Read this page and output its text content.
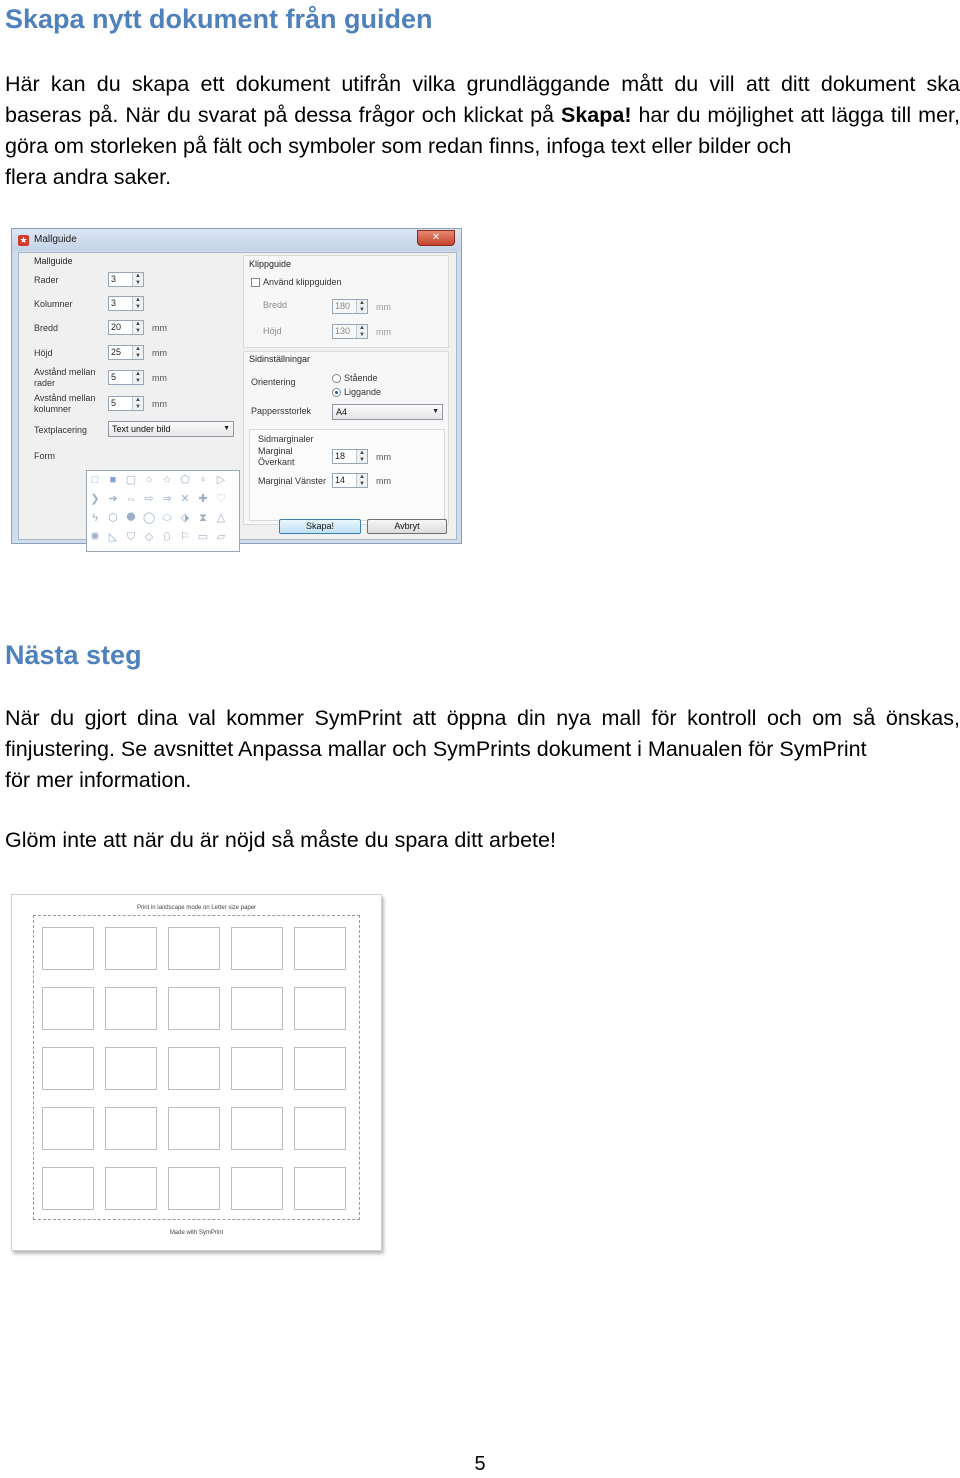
Skapa nytt dokument från guiden
Här kan du skapa ett dokument utifrån vilka grundläggande mått du vill att ditt dokument ska baseras på. När du svarat på dessa frågor och klickat på Skapa! har du möjlighet att lägga till mer, göra om storleken på fält och symboler som redan finns, infoga text eller bilder och
flera andra saker.
★ Mallguide	✕
Mallguide
Rader	3	▲
▼
Kolumner	3	▲
▼
Bredd	20	▲
▼ mm
Höjd	25	▲
▼ mm
Avstånd mellan
rader
5	▲
▼ mm
Avstånd mellan
kolumner
5	▲
▼ mm
Textplacering	Text under bild	▼
Form
□ ■ ▢ ○ ☆ ⬠ ♀ ▷
❯ ➔ ⇔ ⇨ ⇒ ✕ ✚ ♡
ϟ ⬡ ⯃ ◯ ⬭ ⬗ ⧗ △
✺ ◺ ⛉ ◇ ⬯ ⚐ ▭ ▱
Klippguide
Använd klippguiden
Bredd	180	▲
▼ mm
Höjd	130	▲
▼ mm
Sidinställningar
Orientering	Stående
Liggande
Pappersstorlek	A4	▼
Sidmarginaler
Marginal
Överkant
18	▲
▼ mm
Marginal Vänster 14	▲
▼ mm
Skapa!	Avbryt
Nästa steg
När du gjort dina val kommer SymPrint att öppna din nya mall för kontroll och om så önskas, finjustering. Se avsnittet Anpassa mallar och SymPrints dokument i Manualen för SymPrint
för mer information.
Glöm inte att när du är nöjd så måste du spara ditt arbete!
Print in landscape mode on Letter size paper
Made with SymPrint
5
